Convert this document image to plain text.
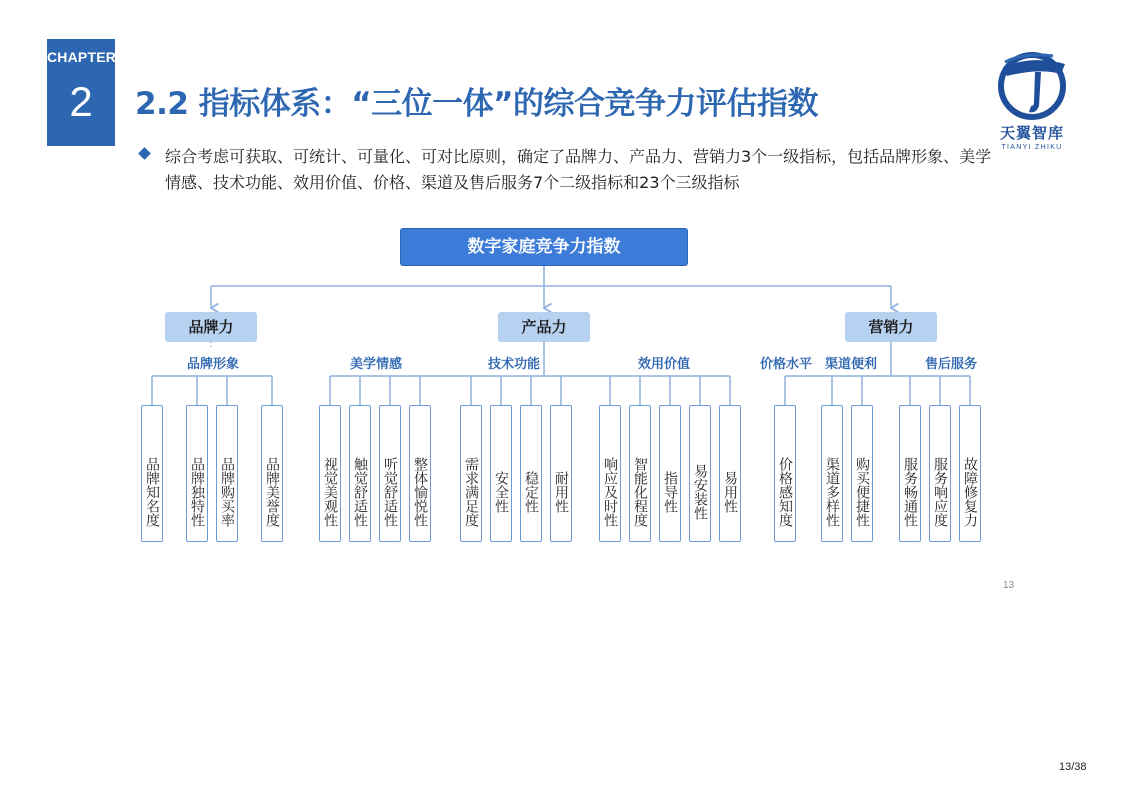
CHAPTER
2	2.2 指标体系：“三位一体”的综合竞争力评估指数
天翼智库
TIANYI ZHIKU
综合考虑可获取、可统计、可量化、可对比原则，确定了品牌力、产品力、营销力3个一级指标，包括品牌形象、美学情感、技术功能、效用价值、价格、渠道及售后服务7个二级指标和23个三级指标
数字家庭竞争力指数
品牌力	产品力	营销力
品牌形象	美学情感	技术功能	效用价值	价格水平 渠道便利	售后服务
品牌知名度 品牌独特性 品牌购买率 品牌美誉度	视觉美观性 触觉舒适性 听觉舒适性 整体愉悦性	需求满足度 安全性 稳定性 耐用性 响应及时性 智能化程度 指导性 易安装性 易用性	价格感知度 渠道多样性 购买便捷性 服务畅通性 服务响应度 故障修复力
13
13/38
